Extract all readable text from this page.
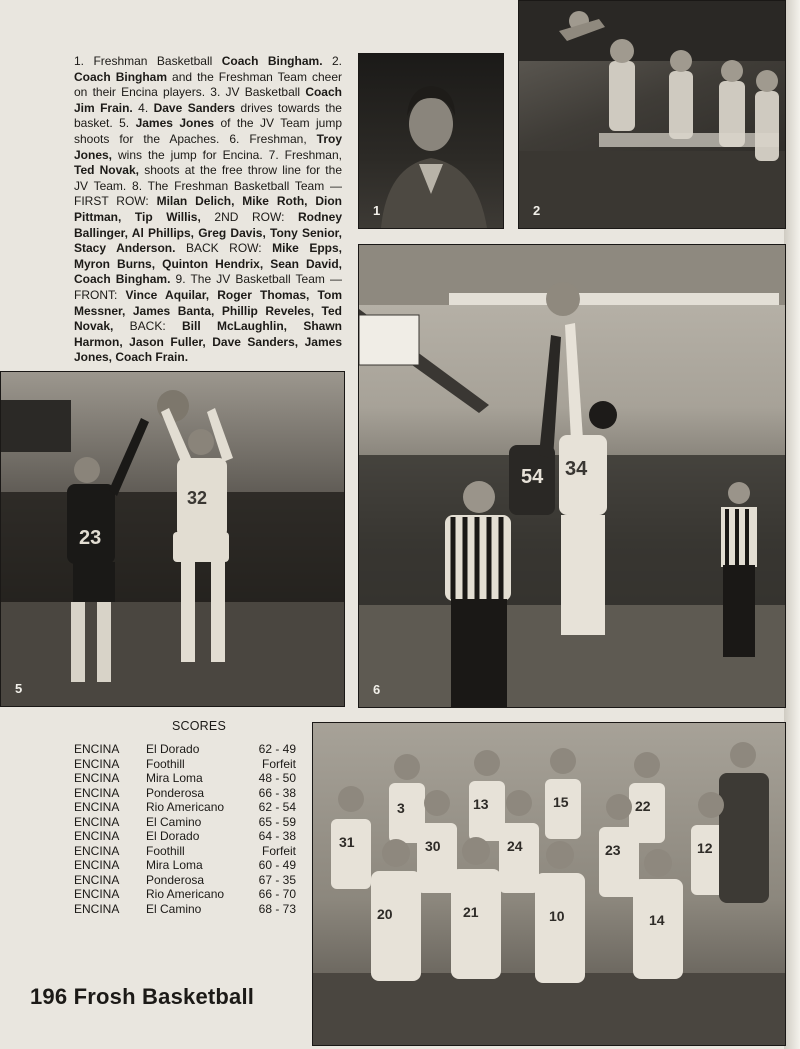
1. Freshman Basketball Coach Bingham. 2. Coach Bingham and the Freshman Team cheer on their Encina players. 3. JV Basketball Coach Jim Frain. 4. Dave Sanders drives towards the basket. 5. James Jones of the JV Team jump shoots for the Apaches. 6. Freshman, Troy Jones, wins the jump for Encina. 7. Freshman, Ted Novak, shoots at the free throw line for the JV Team. 8. The Freshman Basketball Team — FIRST ROW: Milan Delich, Mike Roth, Dion Pittman, Tip Willis, 2ND ROW: Rodney Ballinger, Al Phillips, Greg Davis, Tony Senior, Stacy Anderson. BACK ROW: Mike Epps, Myron Burns, Quinton Hendrix, Sean David, Coach Bingham. 9. The JV Basketball Team — FRONT: Vince Aquilar, Roger Thomas, Tom Messner, James Banta, Phillip Reveles, Ted Novak, BACK: Bill McLaughlin, Shawn Harmon, Jason Fuller, Dave Sanders, James Jones, Coach Frain.
1	2
23
32
5
54 34
6
20	21	10	14
31	30	24	23	12
13	15	22
3
SCORES
ENCINA El Dorado	62 - 49
ENCINA Foothill	Forfeit
ENCINA Mira Loma	48 - 50
ENCINA Ponderosa	66 - 38
ENCINA Rio Americano	62 - 54
ENCINA El Camino	65 - 59
ENCINA El Dorado	64 - 38
ENCINA Foothill	Forfeit
ENCINA Mira Loma	60 - 49
ENCINA Ponderosa	67 - 35
ENCINA Rio Americano	66 - 70
ENCINA El Camino	68 - 73
196 Frosh Basketball
